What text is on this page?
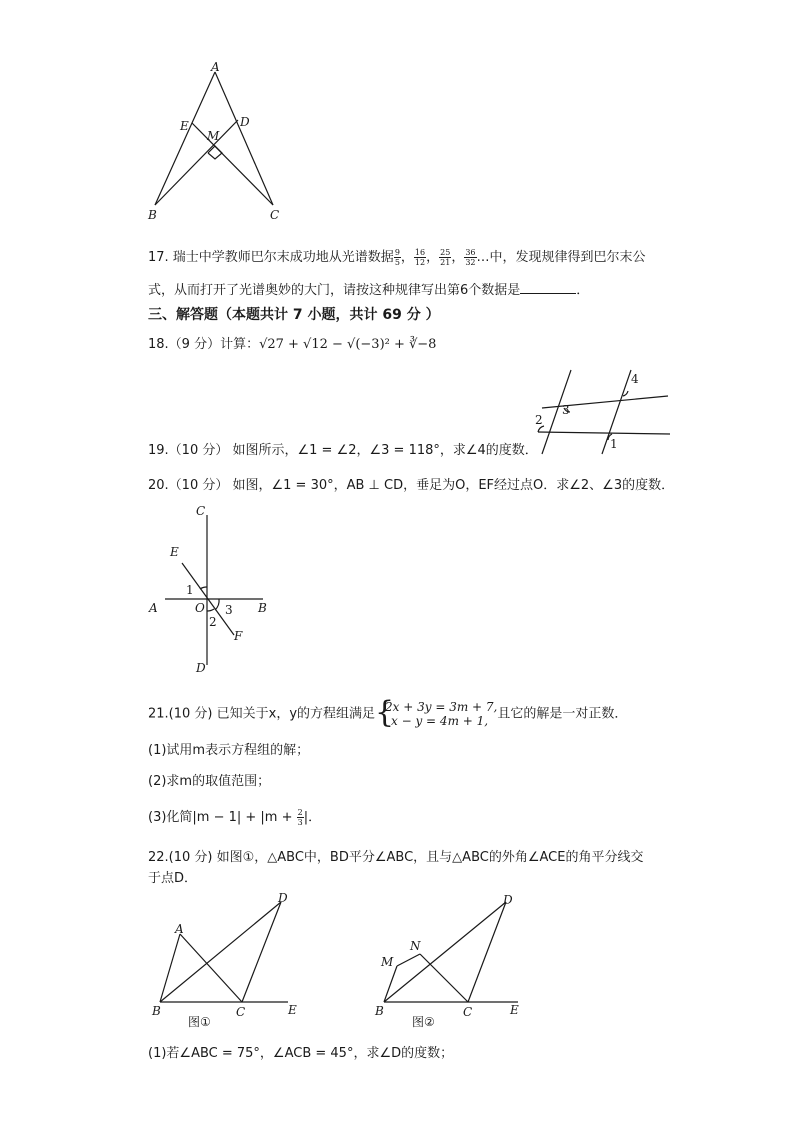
A
E	D
M
B	C
17. 瑞士中学教师巴尔末成功地从光谱数据 $\frac{9}{5}$ ， $\frac{16}{12}$ ， $\frac{25}{21}$ ， $\frac{36}{32}$ …中，发现规律得到巴尔末公
式，从而打开了光谱奥妙的大门，请按这种规律写出第6个数据是	．
三、解答题（本题共计 7 小题，共计 69 分 ）
18.（9 分）计算：√27 + √12 − √(−3)² + ∛−8
3
4
2
1
19.（10 分） 如图所示，∠1 = ∠2，∠3 = 118°，求∠4的度数．
20.（10 分） 如图，∠1 = 30°，AB ⊥ CD，垂足为O，EF经过点O．求∠2、∠3的度数．
C
E
1
A	O 3 B
2
F
D
21.(10 分) 已知关于x，y的方程组满足
{ 2x + 3y = 3m + 7,
x − y = 4m + 1, 且它的解是一对正数．
(1)试用m表示方程组的解；
(2)求m的取值范围；
(3)化简$|m - 1| + |m + \frac{2}{3}$ |．
22.(10 分) 如图①，△ABC中，BD平分∠ABC，且与△ABC的外角∠ACE的角平分线交
于点D．
A
D
B	C	E
图①
N
M
D
B	C	E
图②
(1)若∠ABC = 75°，∠ACB = 45°，求∠D的度数；
